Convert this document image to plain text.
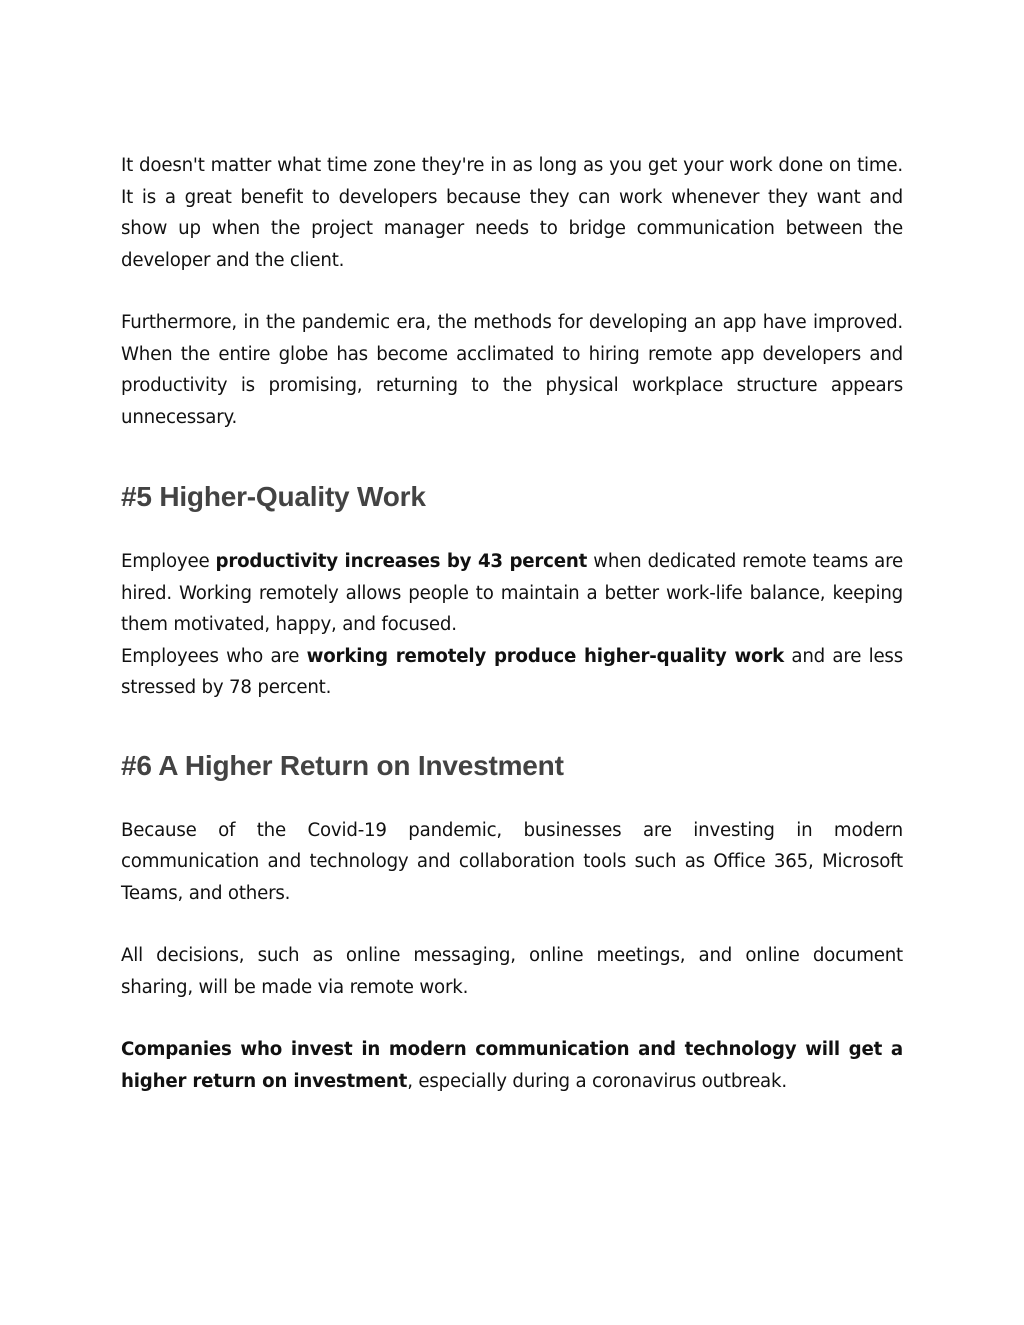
It doesn't matter what time zone they're in as long as you get your work done on time. It is a great benefit to developers because they can work whenever they want and show up when the project manager needs to bridge communication between the developer and the client.

Furthermore, in the pandemic era, the methods for developing an app have improved. When the entire globe has become acclimated to hiring remote app developers and productivity is promising, returning to the physical workplace structure appears unnecessary.

#5 Higher-Quality Work

Employee productivity increases by 43 percent when dedicated remote teams are hired. Working remotely allows people to maintain a better work-life balance, keeping them motivated, happy, and focused.

Employees who are working remotely produce higher-quality work and are less stressed by 78 percent.

#6 A Higher Return on Investment

Because of the Covid-19 pandemic, businesses are investing in modern communication and technology and collaboration tools such as Office 365, Microsoft Teams, and others.

All decisions, such as online messaging, online meetings, and online document sharing, will be made via remote work.

Companies who invest in modern communication and technology will get a higher return on investment, especially during a coronavirus outbreak.
